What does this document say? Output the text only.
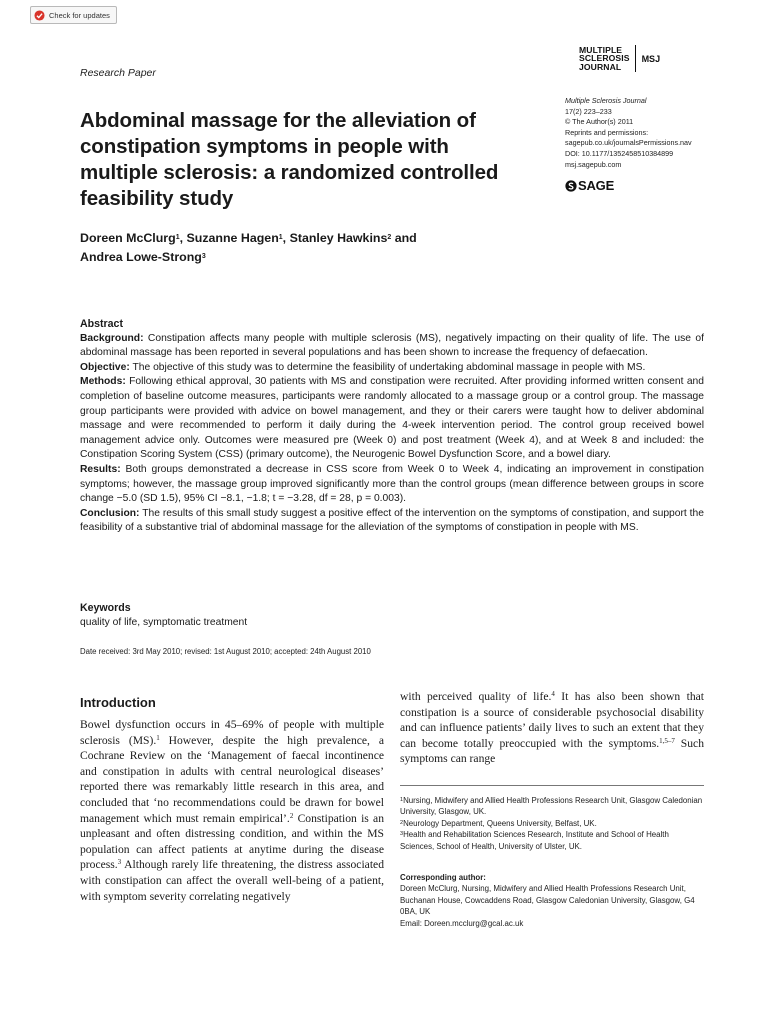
Check for updates
Research Paper
MULTIPLE
SCLEROSIS
JOURNAL
MSJ
Multiple Sclerosis Journal
17(2) 223–233
© The Author(s) 2011
Reprints and permissions:
sagepub.co.uk/journalsPermissions.nav
DOI: 10.1177/1352458510384899
msj.sagepub.com
SAGE
Abdominal massage for the alleviation of constipation symptoms in people with multiple sclerosis: a randomized controlled feasibility study
Doreen McClurg$^1$, Suzanne Hagen$^1$, Stanley Hawkins$^2$ and
Andrea Lowe-Strong$^3$
Abstract

Background: Constipation affects many people with multiple sclerosis (MS), negatively impacting on their quality of life. The use of abdominal massage has been reported in several populations and has been shown to increase the frequency of defaecation.

Objective: The objective of this study was to determine the feasibility of undertaking abdominal massage in people with MS.

Methods: Following ethical approval, 30 patients with MS and constipation were recruited. After providing informed written consent and completion of baseline outcome measures, participants were randomly allocated to a massage group or a control group. The massage group participants were provided with advice on bowel management, and they or their carers were taught how to deliver abdominal massage and were recommended to perform it daily during the 4-week intervention period. The control group received bowel management advice only. Outcomes were measured pre (Week 0) and post treatment (Week 4), and at Week 8 and included: the Constipation Scoring System (CSS) (primary outcome), the Neurogenic Bowel Dysfunction Score, and a bowel diary.

Results: Both groups demonstrated a decrease in CSS score from Week 0 to Week 4, indicating an improvement in constipation symptoms; however, the massage group improved significantly more than the control groups (mean difference between groups in score change −5.0 (SD 1.5), 95% CI −8.1, −1.8; t = −3.28, df = 28, p = 0.003).

Conclusion: The results of this small study suggest a positive effect of the intervention on the symptoms of constipation, and support the feasibility of a substantive trial of abdominal massage for the alleviation of the symptoms of constipation in people with MS.

Keywords
quality of life, symptomatic treatment
Date received: 3rd May 2010; revised: 1st August 2010; accepted: 24th August 2010
Introduction
Bowel dysfunction occurs in 45–69% of people with multiple sclerosis (MS).$^1$ However, despite the high prevalence, a Cochrane Review on the ‘Management of faecal incontinence and constipation in adults with central neurological diseases’ reported there was remarkably little research in this area, and concluded that ‘no recommendations could be drawn for bowel management which must remain empirical’.$^2$ Constipation is an unpleasant and often distressing condition, and within the MS population can affect patients at anytime during the disease process.$^3$ Although rarely life threatening, the distress associated with constipation can affect the overall well-being of a patient, with symptom severity correlating negatively
with perceived quality of life.$^4$ It has also been shown that constipation is a source of considerable psychosocial disability and can influence patients’ daily lives to such an extent that they can become totally preoccupied with the symptoms.$^{1,5-7}$ Such symptoms can range

$^1$Nursing, Midwifery and Allied Health Professions Research Unit, Glasgow Caledonian University, Glasgow, UK.

$^2$Neurology Department, Queens University, Belfast, UK.

$^3$Health and Rehabilitation Sciences Research, Institute and School of Health Sciences, School of Health, University of Ulster, UK.

Corresponding author:
Doreen McClurg, Nursing, Midwifery and Allied Health Professions Research Unit, Buchanan House, Cowcaddens Road, Glasgow Caledonian University, Glasgow, G4 0BA, UK
Email: Doreen.mcclurg@gcal.ac.uk
